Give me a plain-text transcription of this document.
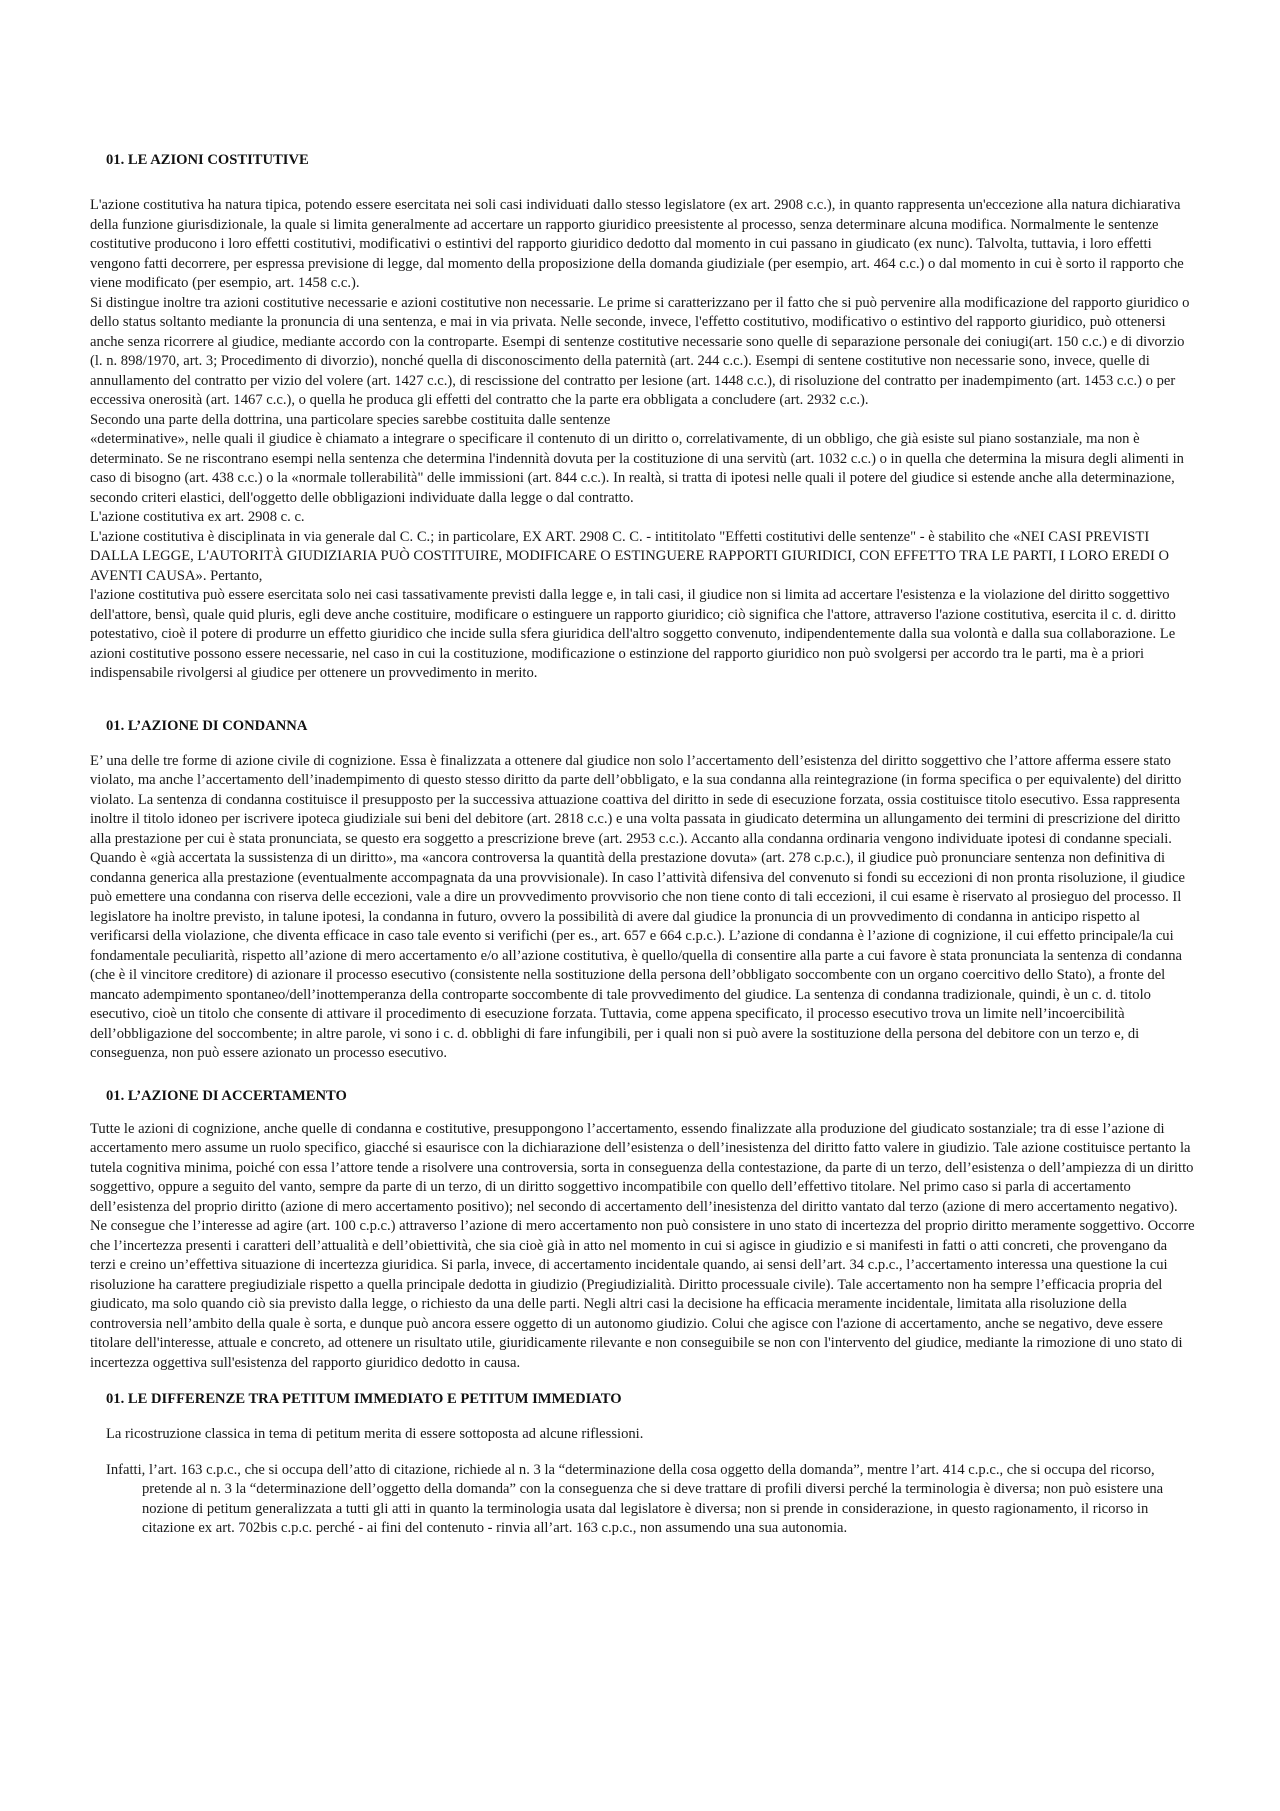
01. LE AZIONI COSTITUTIVE

L'azione costitutiva ha natura tipica, potendo essere esercitata nei soli casi individuati dallo stesso legislatore (ex art. 2908 c.c.), in quanto rappresenta un'eccezione alla natura dichiarativa della funzione giurisdizionale, la quale si limita generalmente ad accertare un rapporto giuridico preesistente al processo, senza determinare alcuna modifica. Normalmente le sentenze costitutive producono i loro effetti costitutivi, modificativi o estintivi del rapporto giuridico dedotto dal momento in cui passano in giudicato (ex nunc). Talvolta, tuttavia, i loro effetti vengono fatti decorrere, per espressa previsione di legge, dal momento della proposizione della domanda giudiziale (per esempio, art. 464 c.c.) o dal momento in cui è sorto il rapporto che viene modificato (per esempio, art. 1458 c.c.).

Si distingue inoltre tra azioni costitutive necessarie e azioni costitutive non necessarie. Le prime si caratterizzano per il fatto che si può pervenire alla modificazione del rapporto giuridico o dello status soltanto mediante la pronuncia di una sentenza, e mai in via privata. Nelle seconde, invece, l'effetto costitutivo, modificativo o estintivo del rapporto giuridico, può ottenersi anche senza ricorrere al giudice, mediante accordo con la controparte. Esempi di sentenze costitutive necessarie sono quelle di separazione personale dei coniugi(art. 150 c.c.) e di divorzio (l. n. 898/1970, art. 3; Procedimento di divorzio), nonché quella di disconoscimento della paternità (art. 244 c.c.). Esempi di sentene costitutive non necessarie sono, invece, quelle di annullamento del contratto per vizio del volere (art. 1427 c.c.), di rescissione del contratto per lesione (art. 1448 c.c.), di risoluzione del contratto per inadempimento (art. 1453 c.c.) o per eccessiva onerosità (art. 1467 c.c.), o quella he produca gli effetti del contratto che la parte era obbligata a concludere (art. 2932 c.c.).

Secondo una parte della dottrina, una particolare species sarebbe costituita dalle sentenze

«determinative», nelle quali il giudice è chiamato a integrare o specificare il contenuto di un diritto o, correlativamente, di un obbligo, che già esiste sul piano sostanziale, ma non è determinato. Se ne riscontrano esempi nella sentenza che determina l'indennità dovuta per la costituzione di una servitù (art. 1032 c.c.) o in quella che determina la misura degli alimenti in caso di bisogno (art. 438 c.c.) o la «normale tollerabilità" delle immissioni (art. 844 c.c.). In realtà, si tratta di ipotesi nelle quali il potere del giudice si estende anche alla determinazione, secondo criteri elastici, dell'oggetto delle obbligazioni individuate dalla legge o dal contratto.

L'azione costitutiva ex art. 2908 c. c.

L'azione costitutiva è disciplinata in via generale dal C. C.; in particolare, EX ART. 2908 C. C. - intititolato "Effetti costitutivi delle sentenze" - è stabilito che «NEI CASI PREVISTI DALLA LEGGE, L'AUTORITÀ GIUDIZIARIA PUÒ COSTITUIRE, MODIFICARE O ESTINGUERE RAPPORTI GIURIDICI, CON EFFETTO TRA LE PARTI, I LORO EREDI O AVENTI CAUSA». Pertanto,

l'azione costitutiva può essere esercitata solo nei casi tassativamente previsti dalla legge e, in tali casi, il giudice non si limita ad accertare l'esistenza e la violazione del diritto soggettivo dell'attore, bensì, quale quid pluris, egli deve anche costituire, modificare o estinguere un rapporto giuridico; ciò significa che l'attore, attraverso l'azione costitutiva, esercita il c. d. diritto potestativo, cioè il potere di produrre un effetto giuridico che incide sulla sfera giuridica dell'altro soggetto convenuto, indipendentemente dalla sua volontà e dalla sua collaborazione. Le azioni costitutive possono essere necessarie, nel caso in cui la costituzione, modificazione o estinzione del rapporto giuridico non può svolgersi per accordo tra le parti, ma è a priori indispensabile rivolgersi al giudice per ottenere un provvedimento in merito.

01. L’AZIONE DI CONDANNA

E’ una delle tre forme di azione civile di cognizione. Essa è finalizzata a ottenere dal giudice non solo l’accertamento dell’esistenza del diritto soggettivo che l’attore afferma essere stato violato, ma anche l’accertamento dell’inadempimento di questo stesso diritto da parte dell’obbligato, e la sua condanna alla reintegrazione (in forma specifica o per equivalente) del diritto violato. La sentenza di condanna costituisce il presupposto per la successiva attuazione coattiva del diritto in sede di esecuzione forzata, ossia costituisce titolo esecutivo. Essa rappresenta inoltre il titolo idoneo per iscrivere ipoteca giudiziale sui beni del debitore (art. 2818 c.c.) e una volta passata in giudicato determina un allungamento dei termini di prescrizione del diritto alla prestazione per cui è stata pronunciata, se questo era soggetto a prescrizione breve (art. 2953 c.c.). Accanto alla condanna ordinaria vengono individuate ipotesi di condanne speciali. Quando è «già accertata la sussistenza di un diritto», ma «ancora controversa la quantità della prestazione dovuta» (art. 278 c.p.c.), il giudice può pronunciare sentenza non definitiva di condanna generica alla prestazione (eventualmente accompagnata da una provvisionale). In caso l’attività difensiva del convenuto si fondi su eccezioni di non pronta risoluzione, il giudice può emettere una condanna con riserva delle eccezioni, vale a dire un provvedimento provvisorio che non tiene conto di tali eccezioni, il cui esame è riservato al prosieguo del processo. Il legislatore ha inoltre previsto, in talune ipotesi, la condanna in futuro, ovvero la possibilità di avere dal giudice la pronuncia di un provvedimento di condanna in anticipo rispetto al verificarsi della violazione, che diventa efficace in caso tale evento si verifichi (per es., art. 657 e 664 c.p.c.). L’azione di condanna è l’azione di cognizione, il cui effetto principale/la cui fondamentale peculiarità, rispetto all’azione di mero accertamento e/o all’azione costitutiva, è quello/quella di consentire alla parte a cui favore è stata pronunciata la sentenza di condanna (che è il vincitore creditore) di azionare il processo esecutivo (consistente nella sostituzione della persona dell’obbligato soccombente con un organo coercitivo dello Stato), a fronte del mancato adempimento spontaneo/dell’inottemperanza della controparte soccombente di tale provvedimento del giudice. La sentenza di condanna tradizionale, quindi, è un c. d. titolo esecutivo, cioè un titolo che consente di attivare il procedimento di esecuzione forzata. Tuttavia, come appena specificato, il processo esecutivo trova un limite nell’incoercibilità dell’obbligazione del soccombente; in altre parole, vi sono i c. d. obblighi di fare infungibili, per i quali non si può avere la sostituzione della persona del debitore con un terzo e, di conseguenza, non può essere azionato un processo esecutivo.

01. L’AZIONE DI ACCERTAMENTO

Tutte le azioni di cognizione, anche quelle di condanna e costitutive, presuppongono l’accertamento, essendo finalizzate alla produzione del giudicato sostanziale; tra di esse l’azione di accertamento mero assume un ruolo specifico, giacché si esaurisce con la dichiarazione dell’esistenza o dell’inesistenza del diritto fatto valere in giudizio. Tale azione costituisce pertanto la tutela cognitiva minima, poiché con essa l’attore tende a risolvere una controversia, sorta in conseguenza della contestazione, da parte di un terzo, dell’esistenza o dell’ampiezza di un diritto soggettivo, oppure a seguito del vanto, sempre da parte di un terzo, di un diritto soggettivo incompatibile con quello dell’effettivo titolare. Nel primo caso si parla di accertamento dell’esistenza del proprio diritto (azione di mero accertamento positivo); nel secondo di accertamento dell’inesistenza del diritto vantato dal terzo (azione di mero accertamento negativo). Ne consegue che l’interesse ad agire (art. 100 c.p.c.) attraverso l’azione di mero accertamento non può consistere in uno stato di incertezza del proprio diritto meramente soggettivo. Occorre che l’incertezza presenti i caratteri dell’attualità e dell’obiettività, che sia cioè già in atto nel momento in cui si agisce in giudizio e si manifesti in fatti o atti concreti, che provengano da terzi e creino un’effettiva situazione di incertezza giuridica. Si parla, invece, di accertamento incidentale quando, ai sensi dell’art. 34 c.p.c., l’accertamento interessa una questione la cui risoluzione ha carattere pregiudiziale rispetto a quella principale dedotta in giudizio (Pregiudizialità. Diritto processuale civile). Tale accertamento non ha sempre l’efficacia propria del giudicato, ma solo quando ciò sia previsto dalla legge, o richiesto da una delle parti. Negli altri casi la decisione ha efficacia meramente incidentale, limitata alla risoluzione della controversia nell’ambito della quale è sorta, e dunque può ancora essere oggetto di un autonomo giudizio. Colui che agisce con l'azione di accertamento, anche se negativo, deve essere titolare dell'interesse, attuale e concreto, ad ottenere un risultato utile, giuridicamente rilevante e non conseguibile se non con l'intervento del giudice, mediante la rimozione di uno stato di incertezza oggettiva sull'esistenza del rapporto giuridico dedotto in causa.

01. LE DIFFERENZE TRA PETITUM IMMEDIATO E PETITUM IMMEDIATO

La ricostruzione classica in tema di petitum merita di essere sottoposta ad alcune riflessioni.

Infatti, l’art. 163 c.p.c., che si occupa dell’atto di citazione, richiede al n. 3 la “determinazione della cosa oggetto della domanda”, mentre l’art. 414 c.p.c., che si occupa del ricorso, pretende al n. 3 la “determinazione dell’oggetto della domanda” con la conseguenza che si deve trattare di profili diversi perché la terminologia è diversa; non può esistere una nozione di petitum generalizzata a tutti gli atti in quanto la terminologia usata dal legislatore è diversa; non si prende in considerazione, in questo ragionamento, il ricorso in citazione ex art. 702bis c.p.c. perché - ai fini del contenuto - rinvia all’art. 163 c.p.c., non assumendo una sua autonomia.
